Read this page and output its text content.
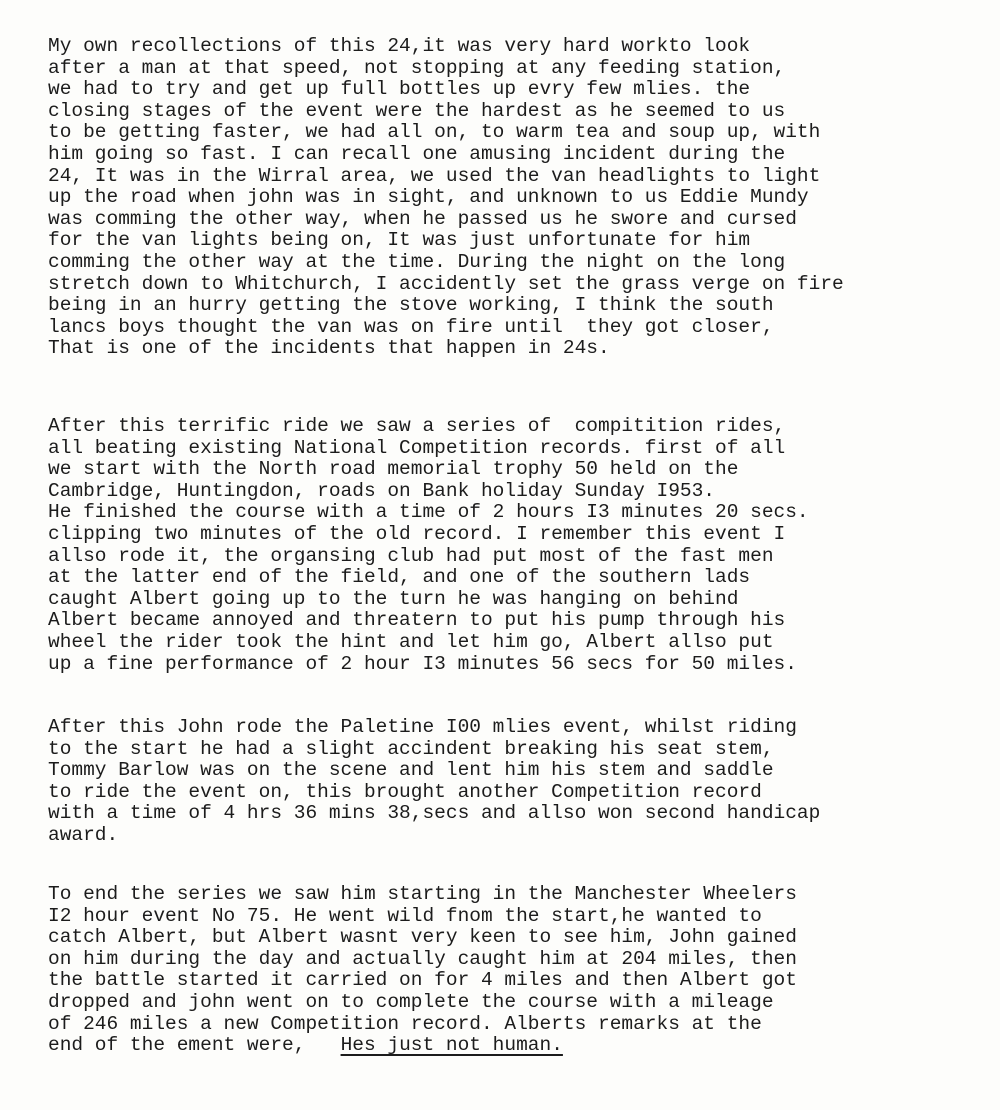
My own recollections of this 24,it was very hard workto look
after a man at that speed, not stopping at any feeding station,
we had to try and get up full bottles up evry few mlies. the
closing stages of the event were the hardest as he seemed to us
to be getting faster, we had all on, to warm tea and soup up, with
him going so fast. I can recall one amusing incident during the
24, It was in the Wirral area, we used the van headlights to light
up the road when john was in sight, and unknown to us Eddie Mundy
was comming the other way, when he passed us he swore and cursed
for the van lights being on, It was just unfortunate for him
comming the other way at the time. During the night on the long
stretch down to Whitchurch, I accidently set the grass verge on fire
being in an hurry getting the stove working, I think the south
lancs boys thought the van was on fire until  they got closer,
That is one of the incidents that happen in 24s.
After this terrific ride we saw a series of  compitition rides,
all beating existing National Competition records. first of all
we start with the North road memorial trophy 50 held on the
Cambridge, Huntingdon, roads on Bank holiday Sunday I953.
He finished the course with a time of 2 hours I3 minutes 20 secs.
clipping two minutes of the old record. I remember this event I
allso rode it, the organsing club had put most of the fast men
at the latter end of the field, and one of the southern lads
caught Albert going up to the turn he was hanging on behind
Albert became annoyed and threatern to put his pump through his
wheel the rider took the hint and let him go, Albert allso put
up a fine performance of 2 hour I3 minutes 56 secs for 50 miles.
After this John rode the Paletine I00 mlies event, whilst riding
to the start he had a slight accindent breaking his seat stem,
Tommy Barlow was on the scene and lent him his stem and saddle
to ride the event on, this brought another Competition record
with a time of 4 hrs 36 mins 38,secs and allso won second handicap
award.
To end the series we saw him starting in the Manchester Wheelers
I2 hour event No 75. He went wild fnom the start,he wanted to
catch Albert, but Albert wasnt very keen to see him, John gained
on him during the day and actually caught him at 204 miles, then
the battle started it carried on for 4 miles and then Albert got
dropped and john went on to complete the course with a mileage
of 246 miles a new Competition record. Alberts remarks at the
end of the ement were,   Hes just not human.
